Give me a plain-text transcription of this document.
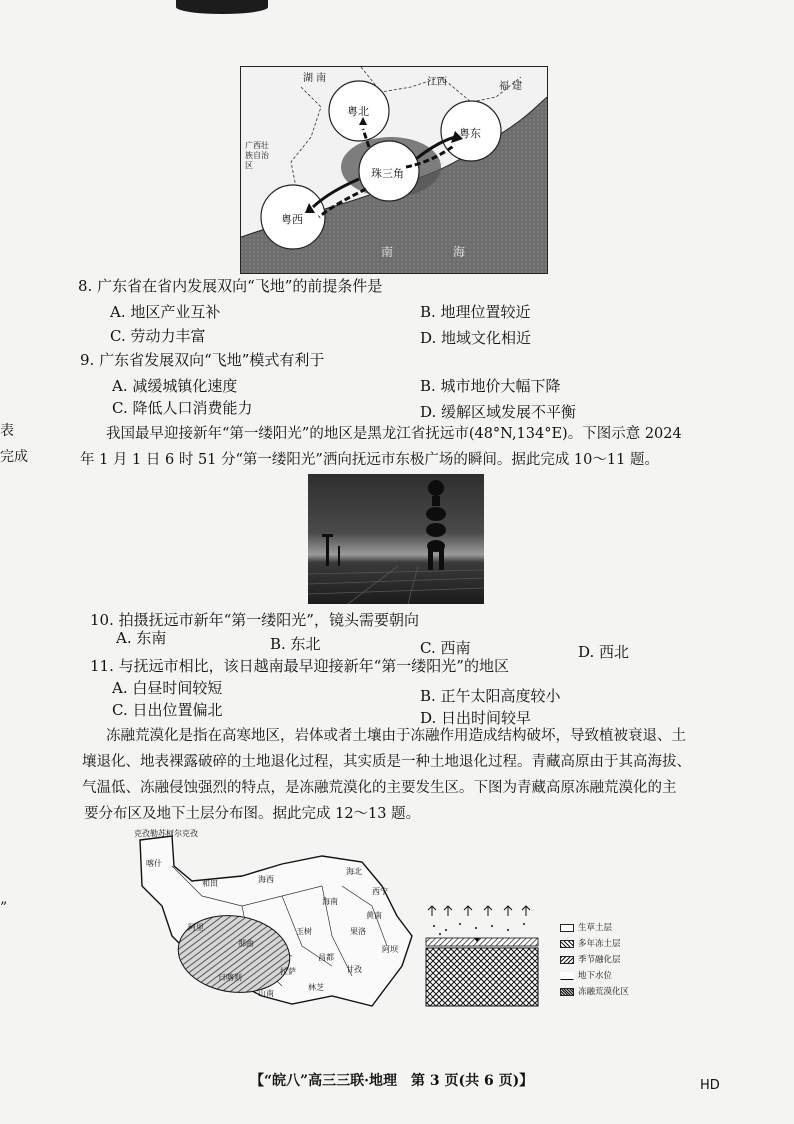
表
完成
”
湖 南	江西	福 建
广西壮族自治区
粤北
粤东
珠三角
粤西
南	海
8. 广东省在省内发展双向“飞地”的前提条件是
A. 地区产业互补	B. 地理位置较近
C. 劳动力丰富	D. 地域文化相近
9. 广东省发展双向“飞地”模式有利于
A. 减缓城镇化速度	B. 城市地价大幅下降
C. 降低人口消费能力	D. 缓解区域发展不平衡
我国最早迎接新年“第一缕阳光”的地区是黑龙江省抚远市(48°N,134°E)。下图示意 2024
年 1 月 1 日 6 时 51 分“第一缕阳光”洒向抚远市东极广场的瞬间。据此完成 10～11 题。
10. 拍摄抚远市新年“第一缕阳光”，镜头需要朝向
A. 东南	B. 东北	C. 西南	D. 西北
11. 与抚远市相比，该日越南最早迎接新年“第一缕阳光”的地区
A. 白昼时间较短	B. 正午太阳高度较小
C. 日出位置偏北	D. 日出时间较早
冻融荒漠化是指在高寒地区，岩体或者土壤由于冻融作用造成结构破坏，导致植被衰退、土
壤退化、地表裸露破碎的土地退化过程，其实质是一种土地退化过程。青藏高原由于其高海拔、
气温低、冻融侵蚀强烈的特点，是冻融荒漠化的主要发生区。下图为青藏高原冻融荒漠化的主
要分布区及地下土层分布图。据此完成 12～13 题。
克孜勒苏柯尔克孜
喀什
和田	海西
海北
西宁
海南
黄南
玉树	果洛
阿坝
甘孜
昌都
那曲
拉萨
林芝
山南
日喀则
阿里	生草土层
多年冻土层
季节融化层
地下水位
冻融荒漠化区
【“皖八”高三三联·地理　第 3 页(共 6 页)】	HD
